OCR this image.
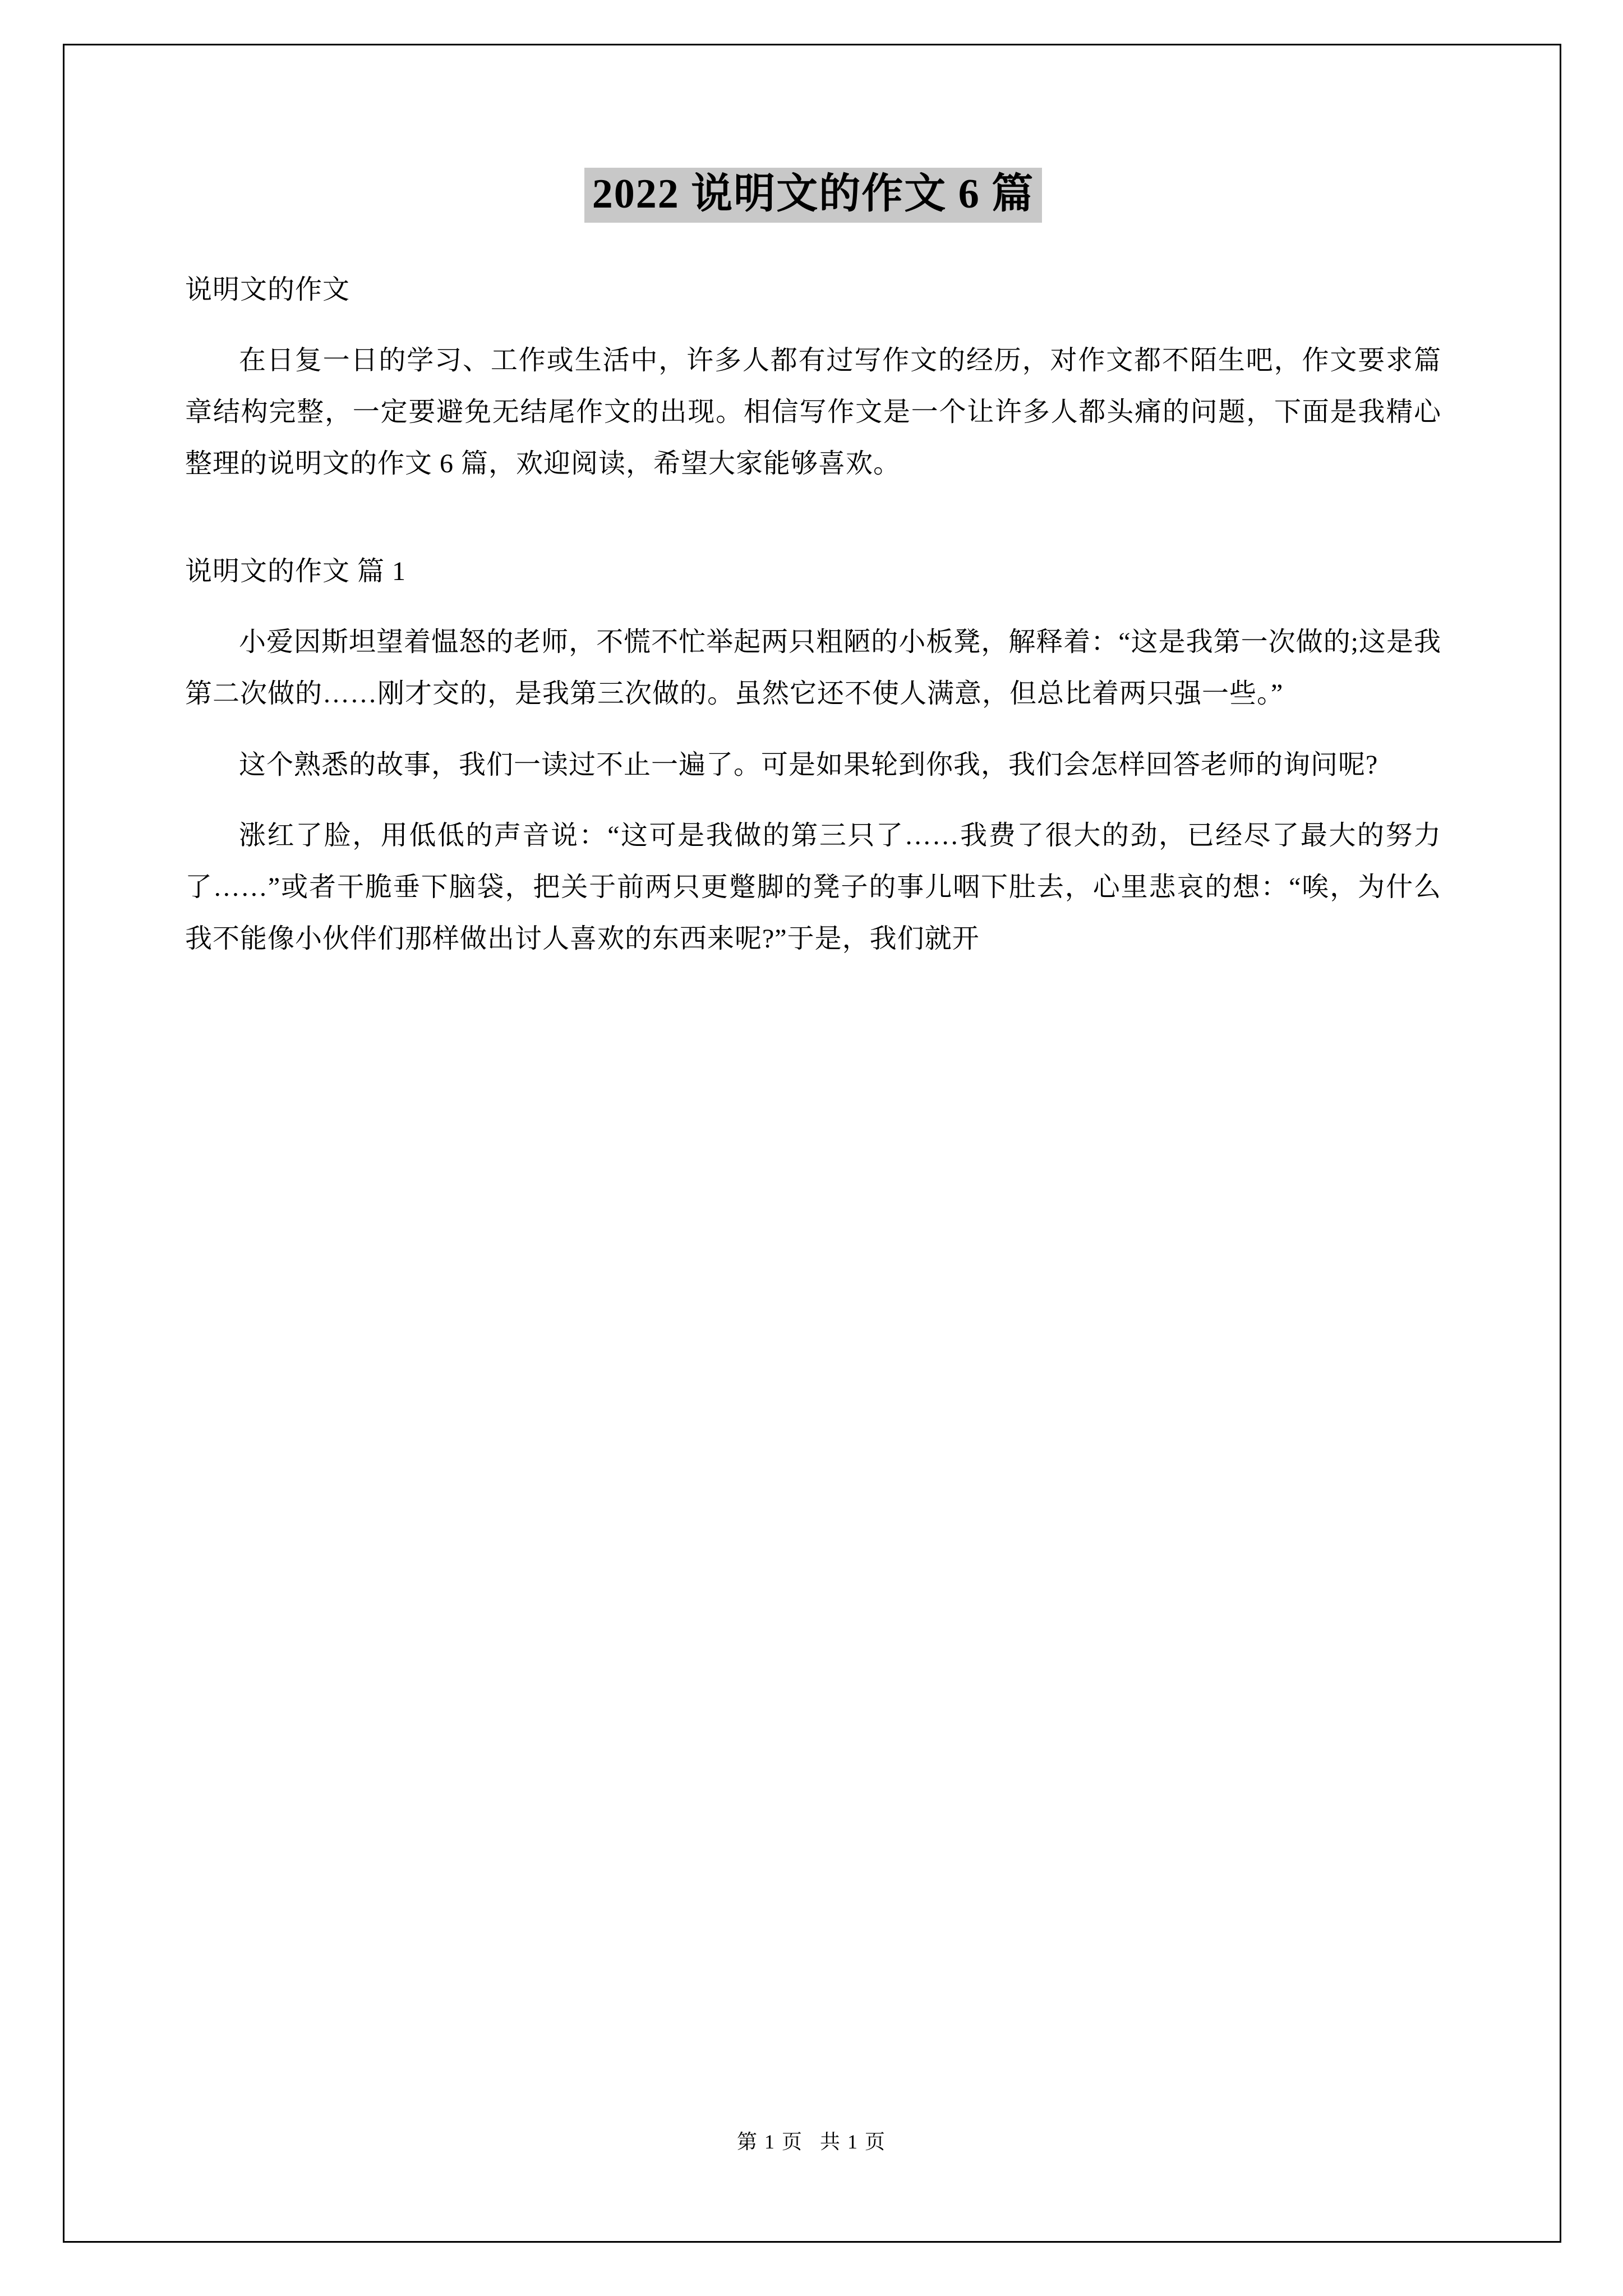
2022 说明文的作文 6 篇

说明文的作文

在日复一日的学习、工作或生活中，许多人都有过写作文的经历，对作文都不陌生吧，作文要求篇章结构完整，一定要避免无结尾作文的出现。相信写作文是一个让许多人都头痛的问题，下面是我精心整理的说明文的作文 6 篇，欢迎阅读，希望大家能够喜欢。

说明文的作文 篇 1

小爱因斯坦望着愠怒的老师，不慌不忙举起两只粗陋的小板凳，解释着：“这是我第一次做的;这是我第二次做的……刚才交的，是我第三次做的。虽然它还不使人满意，但总比着两只强一些。”

这个熟悉的故事，我们一读过不止一遍了。可是如果轮到你我，我们会怎样回答老师的询问呢?

涨红了脸，用低低的声音说：“这可是我做的第三只了……我费了很大的劲，已经尽了最大的努力了……”或者干脆垂下脑袋，把关于前两只更蹩脚的凳子的事儿咽下肚去，心里悲哀的想：“唉，为什么我不能像小伙伴们那样做出讨人喜欢的东西来呢?”于是，我们就开

第 1 页 共 1 页
